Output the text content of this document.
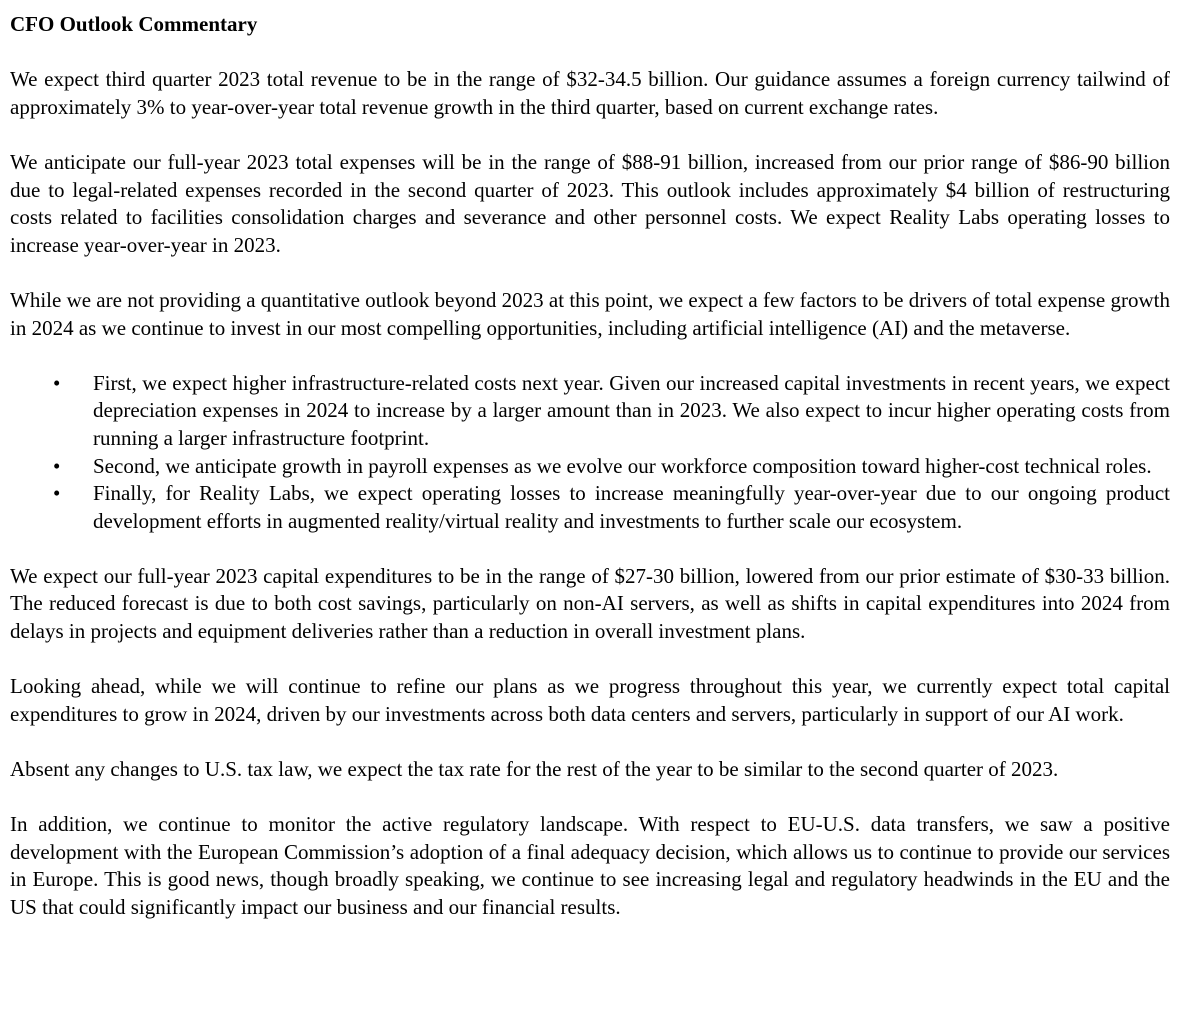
CFO Outlook Commentary

We expect third quarter 2023 total revenue to be in the range of $32-34.5 billion. Our guidance assumes a foreign currency tailwind of approximately 3% to year-over-year total revenue growth in the third quarter, based on current exchange rates.

We anticipate our full-year 2023 total expenses will be in the range of $88-91 billion, increased from our prior range of $86-90 billion due to legal-related expenses recorded in the second quarter of 2023. This outlook includes approximately $4 billion of restructuring costs related to facilities consolidation charges and severance and other personnel costs. We expect Reality Labs operating losses to increase year-over-year in 2023.

While we are not providing a quantitative outlook beyond 2023 at this point, we expect a few factors to be drivers of total expense growth in 2024 as we continue to invest in our most compelling opportunities, including artificial intelligence (AI) and the metaverse.

• First, we expect higher infrastructure-related costs next year. Given our increased capital investments in recent years, we expect depreciation expenses in 2024 to increase by a larger amount than in 2023. We also expect to incur higher operating costs from running a larger infrastructure footprint.
• Second, we anticipate growth in payroll expenses as we evolve our workforce composition toward higher-cost technical roles.
• Finally, for Reality Labs, we expect operating losses to increase meaningfully year-over-year due to our ongoing product development efforts in augmented reality/virtual reality and investments to further scale our ecosystem.

We expect our full-year 2023 capital expenditures to be in the range of $27-30 billion, lowered from our prior estimate of $30-33 billion. The reduced forecast is due to both cost savings, particularly on non-AI servers, as well as shifts in capital expenditures into 2024 from delays in projects and equipment deliveries rather than a reduction in overall investment plans.

Looking ahead, while we will continue to refine our plans as we progress throughout this year, we currently expect total capital expenditures to grow in 2024, driven by our investments across both data centers and servers, particularly in support of our AI work.

Absent any changes to U.S. tax law, we expect the tax rate for the rest of the year to be similar to the second quarter of 2023.

In addition, we continue to monitor the active regulatory landscape. With respect to EU-U.S. data transfers, we saw a positive development with the European Commission’s adoption of a final adequacy decision, which allows us to continue to provide our services in Europe. This is good news, though broadly speaking, we continue to see increasing legal and regulatory headwinds in the EU and the US that could significantly impact our business and our financial results.
